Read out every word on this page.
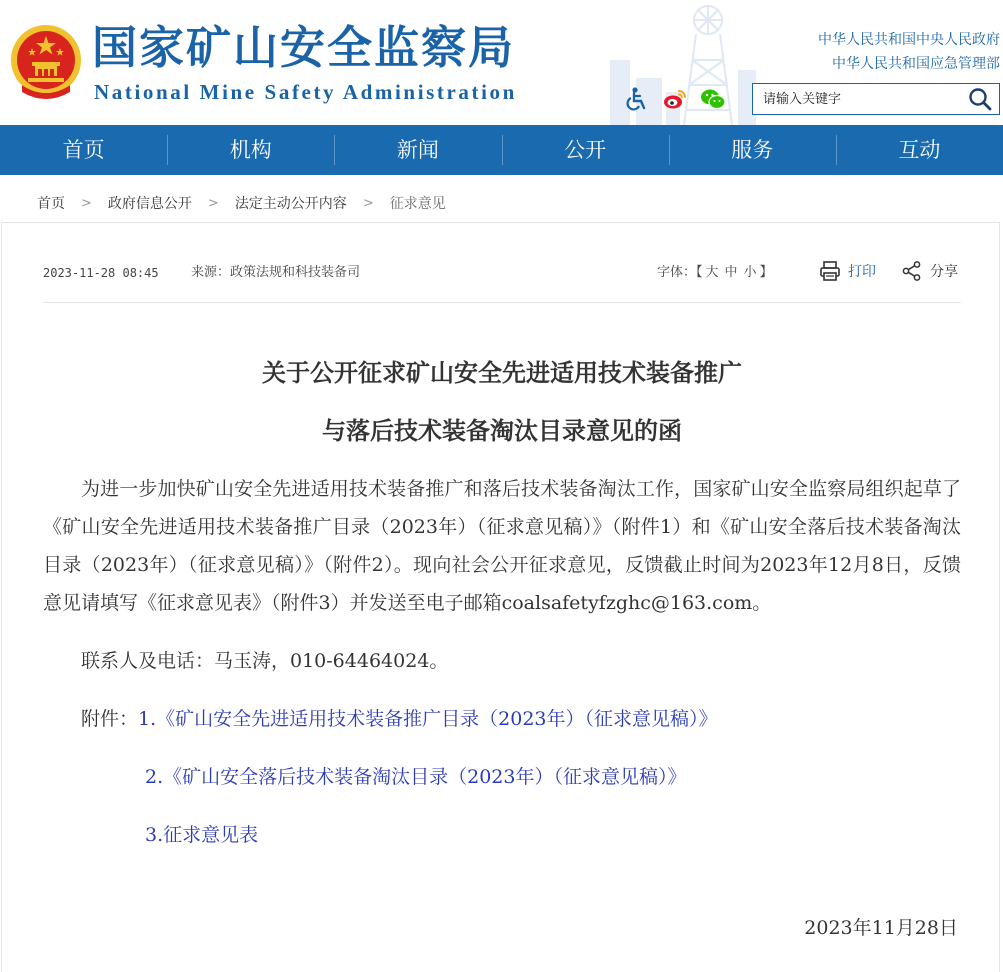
国家矿山安全监察局
National Mine Safety Administration
中华人民共和国中央人民政府
中华人民共和国应急管理部
请输入关键字
首页	机构	新闻	公开	服务	互动
首页 > 政府信息公开 > 法定主动公开内容 > 征求意见
2023-11-28 08:45 来源：政策法规和科技装备司	字体：【 大 中 小 】	打印	分享
关于公开征求矿山安全先进适用技术装备推广
与落后技术装备淘汰目录意见的函

为进一步加快矿山安全先进适用技术装备推广和落后技术装备淘汰工作，国家矿山安全监察局组织起草了《矿山安全先进适用技术装备推广目录（2023年）（征求意见稿）》（附件1）和《矿山安全落后技术装备淘汰目录（2023年）（征求意见稿）》（附件2）。现向社会公开征求意见，反馈截止时间为2023年12月8日，反馈意见请填写《征求意见表》（附件3）并发送至电子邮箱coalsafetyfzghc@163.com。

联系人及电话：马玉涛，010-64464024。

附件：1.《矿山安全先进适用技术装备推广目录（2023年）（征求意见稿）》
2.《矿山安全落后技术装备淘汰目录（2023年）（征求意见稿）》
3.征求意见表
2023年11月28日
